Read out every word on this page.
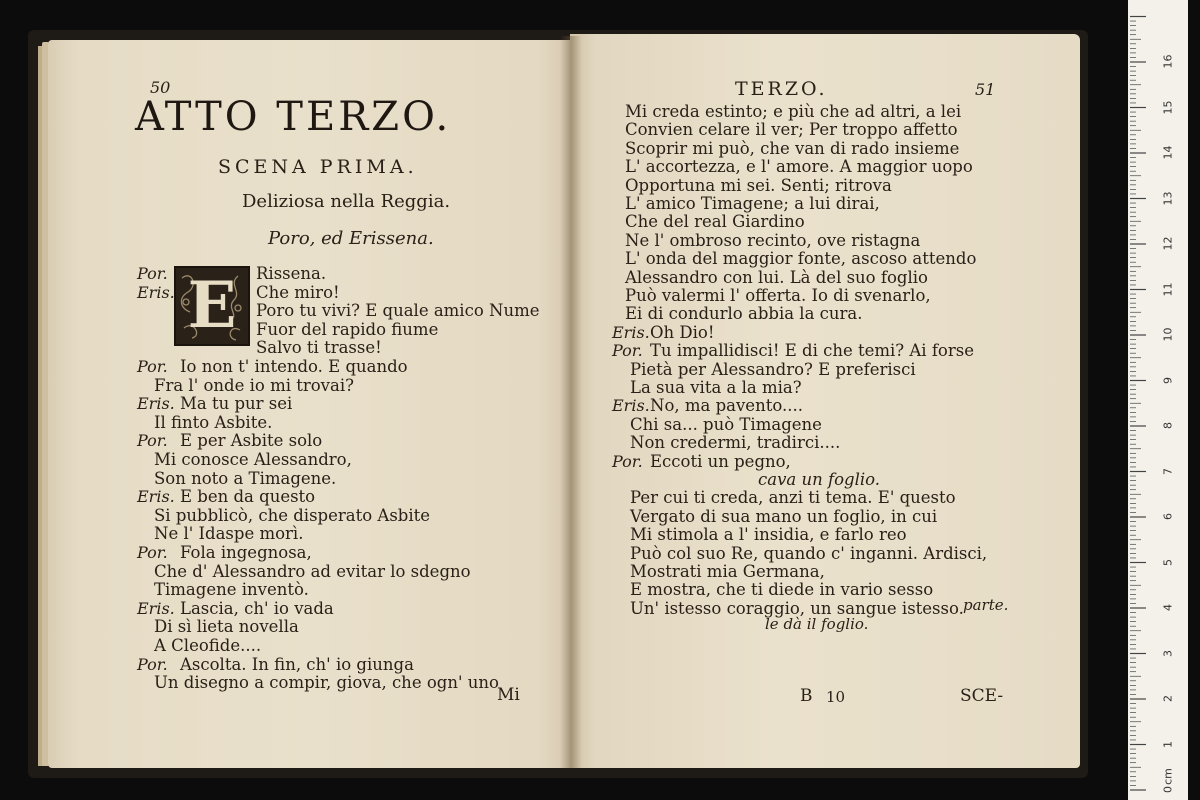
50
ATTO TERZO.
SCENA PRIMA.
Deliziosa nella Reggia.
Poro, ed Erissena.
E
Por.	Rissena.
Eris.	Che miro!
Poro tu vivi? E quale amico Nume
Fuor del rapido fiume
Salvo ti trasse!
Por. Io non t' intendo. E quando
Fra l' onde io mi trovai?
Eris. Ma tu pur sei
Il finto Asbite.
Por. E per Asbite solo
Mi conosce Alessandro,
Son noto a Timagene.
Eris. E ben da questo
Si pubblicò, che disperato Asbite
Ne l' Idaspe morì.
Por. Fola ingegnosa,
Che d' Alessandro ad evitar lo sdegno
Timagene inventò.
Eris. Lascia, ch' io vada
Di sì lieta novella
A Cleofide....
Por. Ascolta. In fin, ch' io giunga
Un disegno a compir, giova, che ogn' uno
Mi
TERZO.	51
Mi creda estinto; e più che ad altri, a lei
Convien celare il ver; Per troppo affetto
Scoprir mi può, che van di rado insieme
L' accortezza, e l' amore. A maggior uopo
Opportuna mi sei. Senti; ritrova
L' amico Timagene; a lui dirai,
Che del real Giardino
Ne l' ombroso recinto, ove ristagna
L' onda del maggior fonte, ascoso attendo
Alessandro con lui. Là del suo foglio
Può valermi l' offerta. Io di svenarlo,
Ei di condurlo abbia la cura.
Eris. Oh Dio!
Por. Tu impallidisci! E di che temi? Ai forse
Pietà per Alessandro? E preferisci
La sua vita a la mia?
Eris. No, ma pavento....
Chi sa... può Timagene
Non credermi, tradirci....
Por. Eccoti un pegno,
cava un foglio.
Per cui ti creda, anzi ti tema. E' questo
Vergato di sua mano un foglio, in cui
Mi stimola a l' insidia, e farlo reo
Può col suo Re, quando c' inganni. Ardisci,
Mostrati mia Germana,
E mostra, che ti diede in vario sesso
Un' istesso coraggio, un sangue istesso. parte.
le dà il foglio.
B 10	SCE-
0
1
2
3
4
5
6
7
8
9
10
11
12
13
14
15
16
cm
